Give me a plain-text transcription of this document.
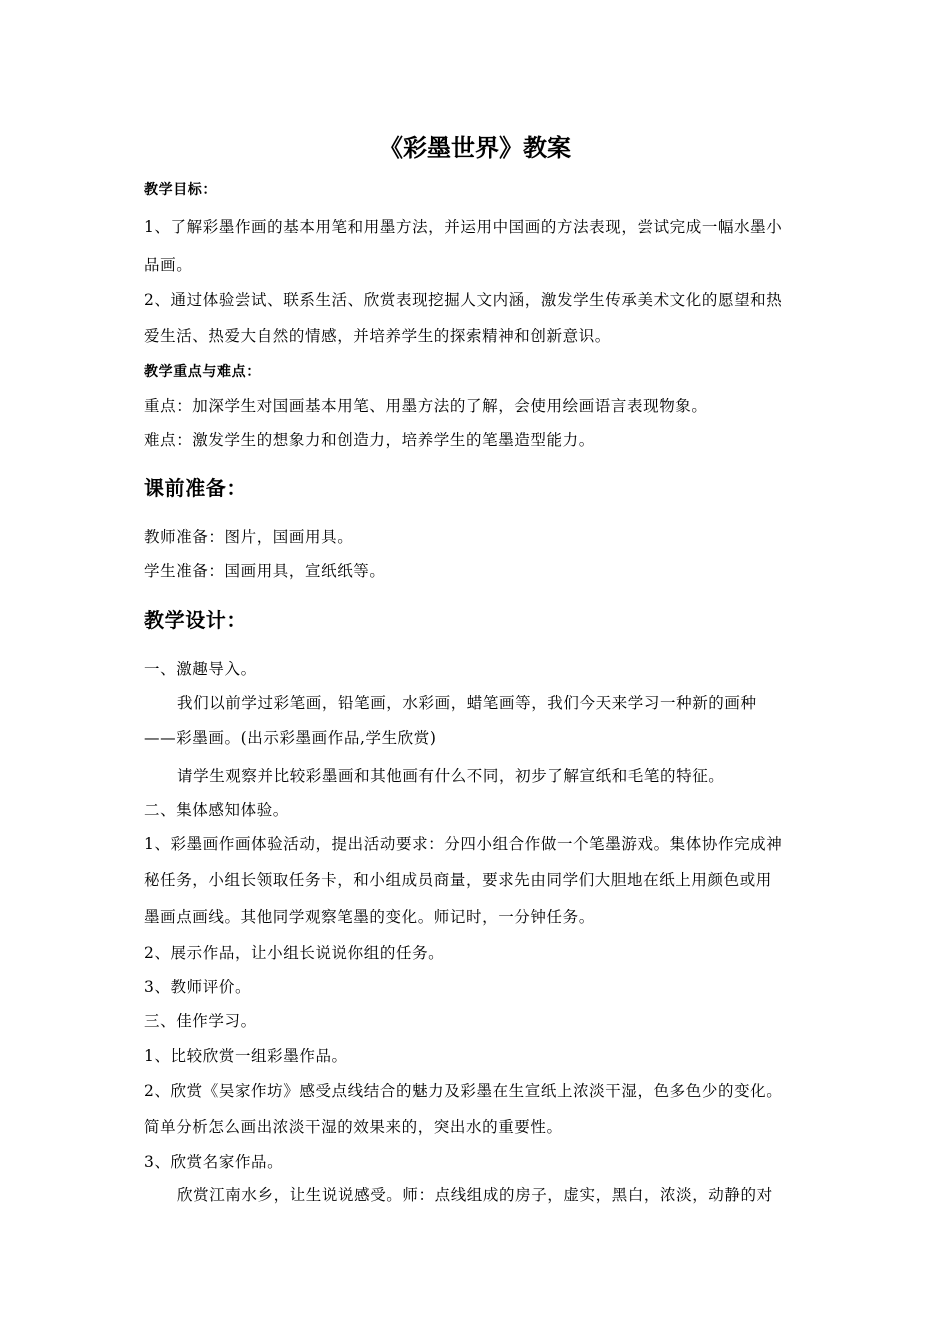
《彩墨世界》教案
教学目标：
1、了解彩墨作画的基本用笔和用墨方法，并运用中国画的方法表现，尝试完成一幅水墨小
品画。
2、通过体验尝试、联系生活、欣赏表现挖掘人文内涵，激发学生传承美术文化的愿望和热
爱生活、热爱大自然的情感，并培养学生的探索精神和创新意识。
教学重点与难点：
重点：加深学生对国画基本用笔、用墨方法的了解，会使用绘画语言表现物象。
难点：激发学生的想象力和创造力，培养学生的笔墨造型能力。
课前准备：
教师准备：图片，国画用具。
学生准备：国画用具，宣纸纸等。
教学设计：
一、激趣导入。
我们以前学过彩笔画，铅笔画，水彩画，蜡笔画等，我们今天来学习一种新的画种
——彩墨画。(出示彩墨画作品,学生欣赏)
请学生观察并比较彩墨画和其他画有什么不同，初步了解宣纸和毛笔的特征。
二、集体感知体验。
1、彩墨画作画体验活动，提出活动要求：分四小组合作做一个笔墨游戏。集体协作完成神
秘任务，小组长领取任务卡，和小组成员商量，要求先由同学们大胆地在纸上用颜色或用
墨画点画线。其他同学观察笔墨的变化。师记时，一分钟任务。
2、展示作品，让小组长说说你组的任务。
3、教师评价。
三、佳作学习。
1、比较欣赏一组彩墨作品。
2、欣赏《吴家作坊》感受点线结合的魅力及彩墨在生宣纸上浓淡干湿，色多色少的变化。
简单分析怎么画出浓淡干湿的效果来的，突出水的重要性。
3、欣赏名家作品。
欣赏江南水乡，让生说说感受。师：点线组成的房子，虚实，黑白，浓淡，动静的对
